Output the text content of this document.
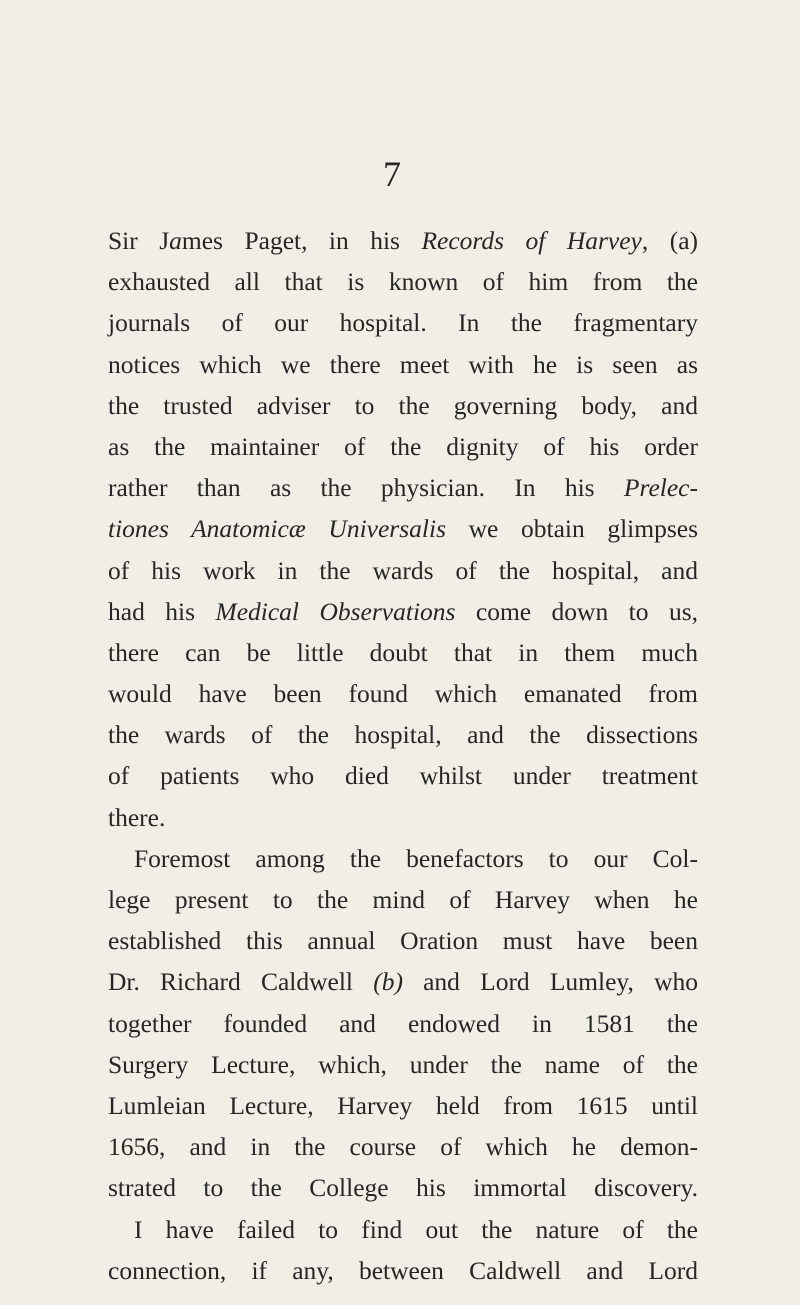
7
Sir James Paget, in his Records of Harvey, (a)
exhausted all that is known of him from the
journals of our hospital. In the fragmentary
notices which we there meet with he is seen as
the trusted adviser to the governing body, and
as the maintainer of the dignity of his order
rather than as the physician. In his Prelec-
tiones Anatomicæ Universalis we obtain glimpses
of his work in the wards of the hospital, and
had his Medical Observations come down to us,
there can be little doubt that in them much
would have been found which emanated from
the wards of the hospital, and the dissections
of patients who died whilst under treatment
there.
Foremost among the benefactors to our Col-
lege present to the mind of Harvey when he
established this annual Oration must have been
Dr. Richard Caldwell (b) and Lord Lumley, who
together founded and endowed in 1581 the
Surgery Lecture, which, under the name of the
Lumleian Lecture, Harvey held from 1615 until
1656, and in the course of which he demon-
strated to the College his immortal discovery.
I have failed to find out the nature of the
connection, if any, between Caldwell and Lord
